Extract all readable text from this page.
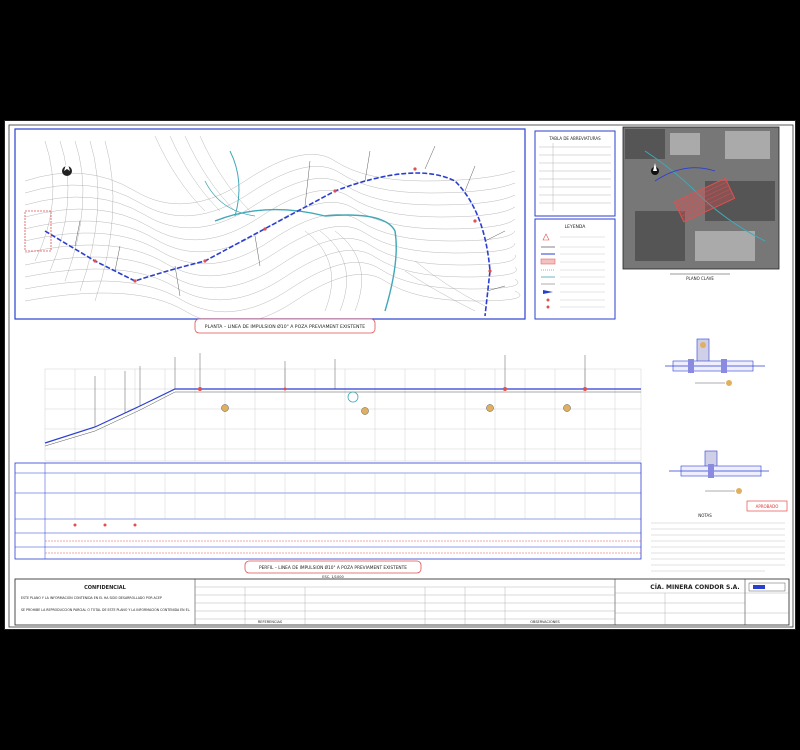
PLANTA – LINEA DE IMPULSION Ø10" A POZA PREVIAMENT EXISTENTE
TABLA DE ABREVIATURAS
LEYENDA
PLANO CLAVE
PERFIL – LINEA DE IMPULSION Ø10" A POZA PREVIAMENT EXISTENTE
ESC. 1/1000
APROBADO
NOTAS
CONFIDENCIAL
ESTE PLANO Y LA INFORMACIÓN CONTENIDA EN EL HA SIDO DESARROLLADO POR ACEP
SE PROHIBE LA REPRODUCCION PARCIAL O TOTAL DE ESTE PLANO Y LA INFORMACIÓN CONTENIDA EN EL.
REFERENCIAS	OBSERVACIONES
CÍA. MINERA CONDOR S.A.
